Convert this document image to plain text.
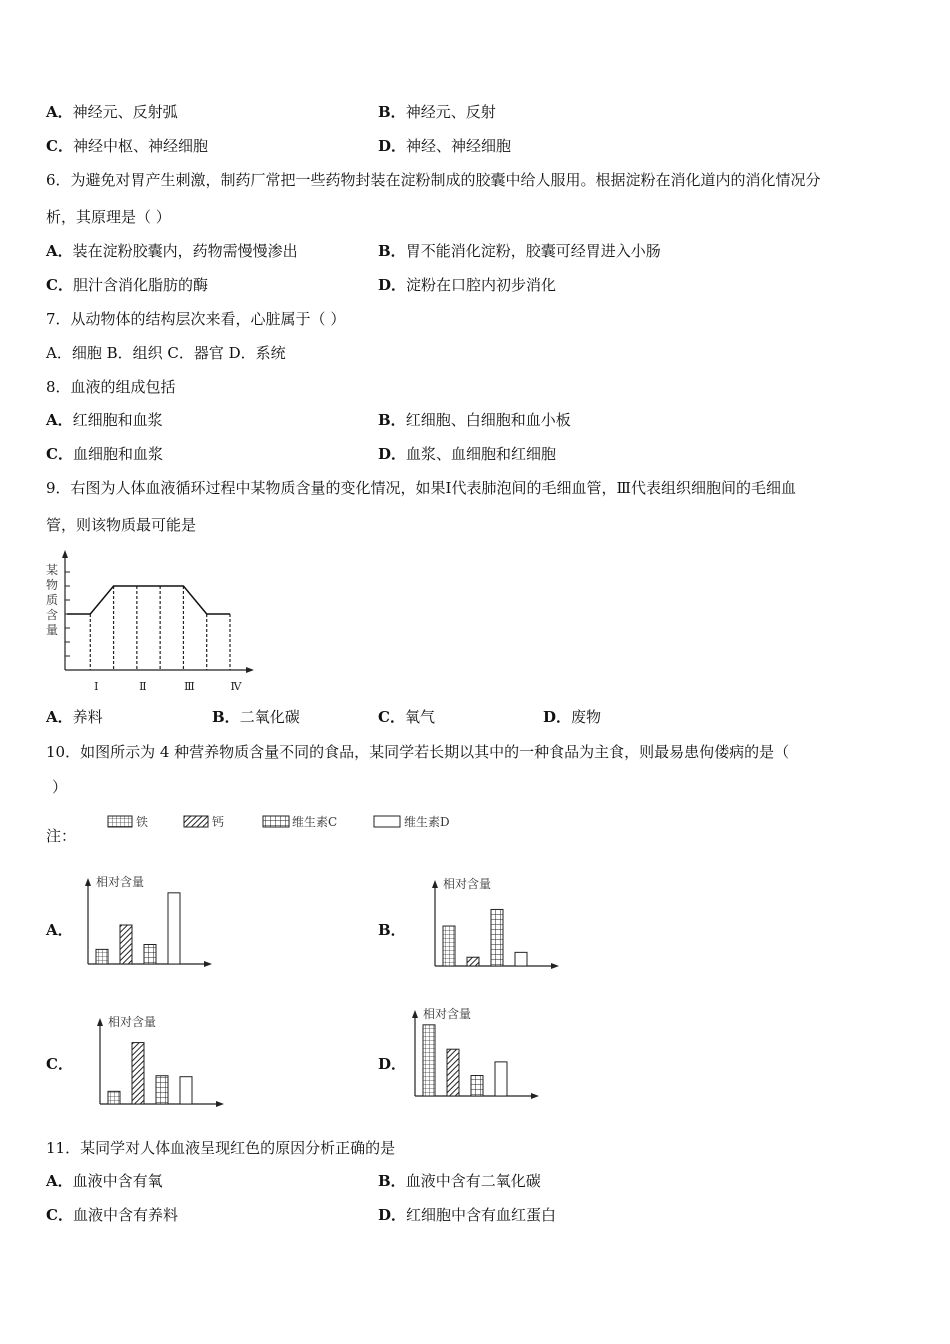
A．神经元、反射弧	B．神经元、反射
C．神经中枢、神经细胞	D．神经、神经细胞
6．为避免对胃产生刺激，制药厂常把一些药物封装在淀粉制成的胶囊中给人服用。根据淀粉在消化道内的消化情况分
析，其原理是（ ）
A．装在淀粉胶囊内，药物需慢慢渗出	B．胃不能消化淀粉，胶囊可经胃进入小肠
C．胆汁含消化脂肪的酶	D．淀粉在口腔内初步消化
7．从动物体的结构层次来看，心脏属于（ ）
A．细胞 B．组织 C．器官 D．系统
8．血液的组成包括
A．红细胞和血浆	B．红细胞、白细胞和血小板
C．血细胞和血浆	D．血浆、血细胞和红细胞
9．右图为人体血液循环过程中某物质含量的变化情况，如果Ⅰ代表肺泡间的毛细血管，Ⅲ代表组织细胞间的毛细血
管，则该物质最可能是
某
物
质
含
量
Ⅰ	Ⅱ	Ⅲ	Ⅳ
A．养料	B．二氧化碳	C．氧气	D．废物
10．如图所示为 4 种营养物质含量不同的食品，某同学若长期以其中的一种食品为主食，则最易患佝偻病的是（
）
注：
铁	钙	维生素C	维生素D
A．	B．
C．	D．
相对含量	相对含量
相对含量
相对含量
11．某同学对人体血液呈现红色的原因分析正确的是
A．血液中含有氧	B．血液中含有二氧化碳
C．血液中含有养料	D．红细胞中含有血红蛋白
